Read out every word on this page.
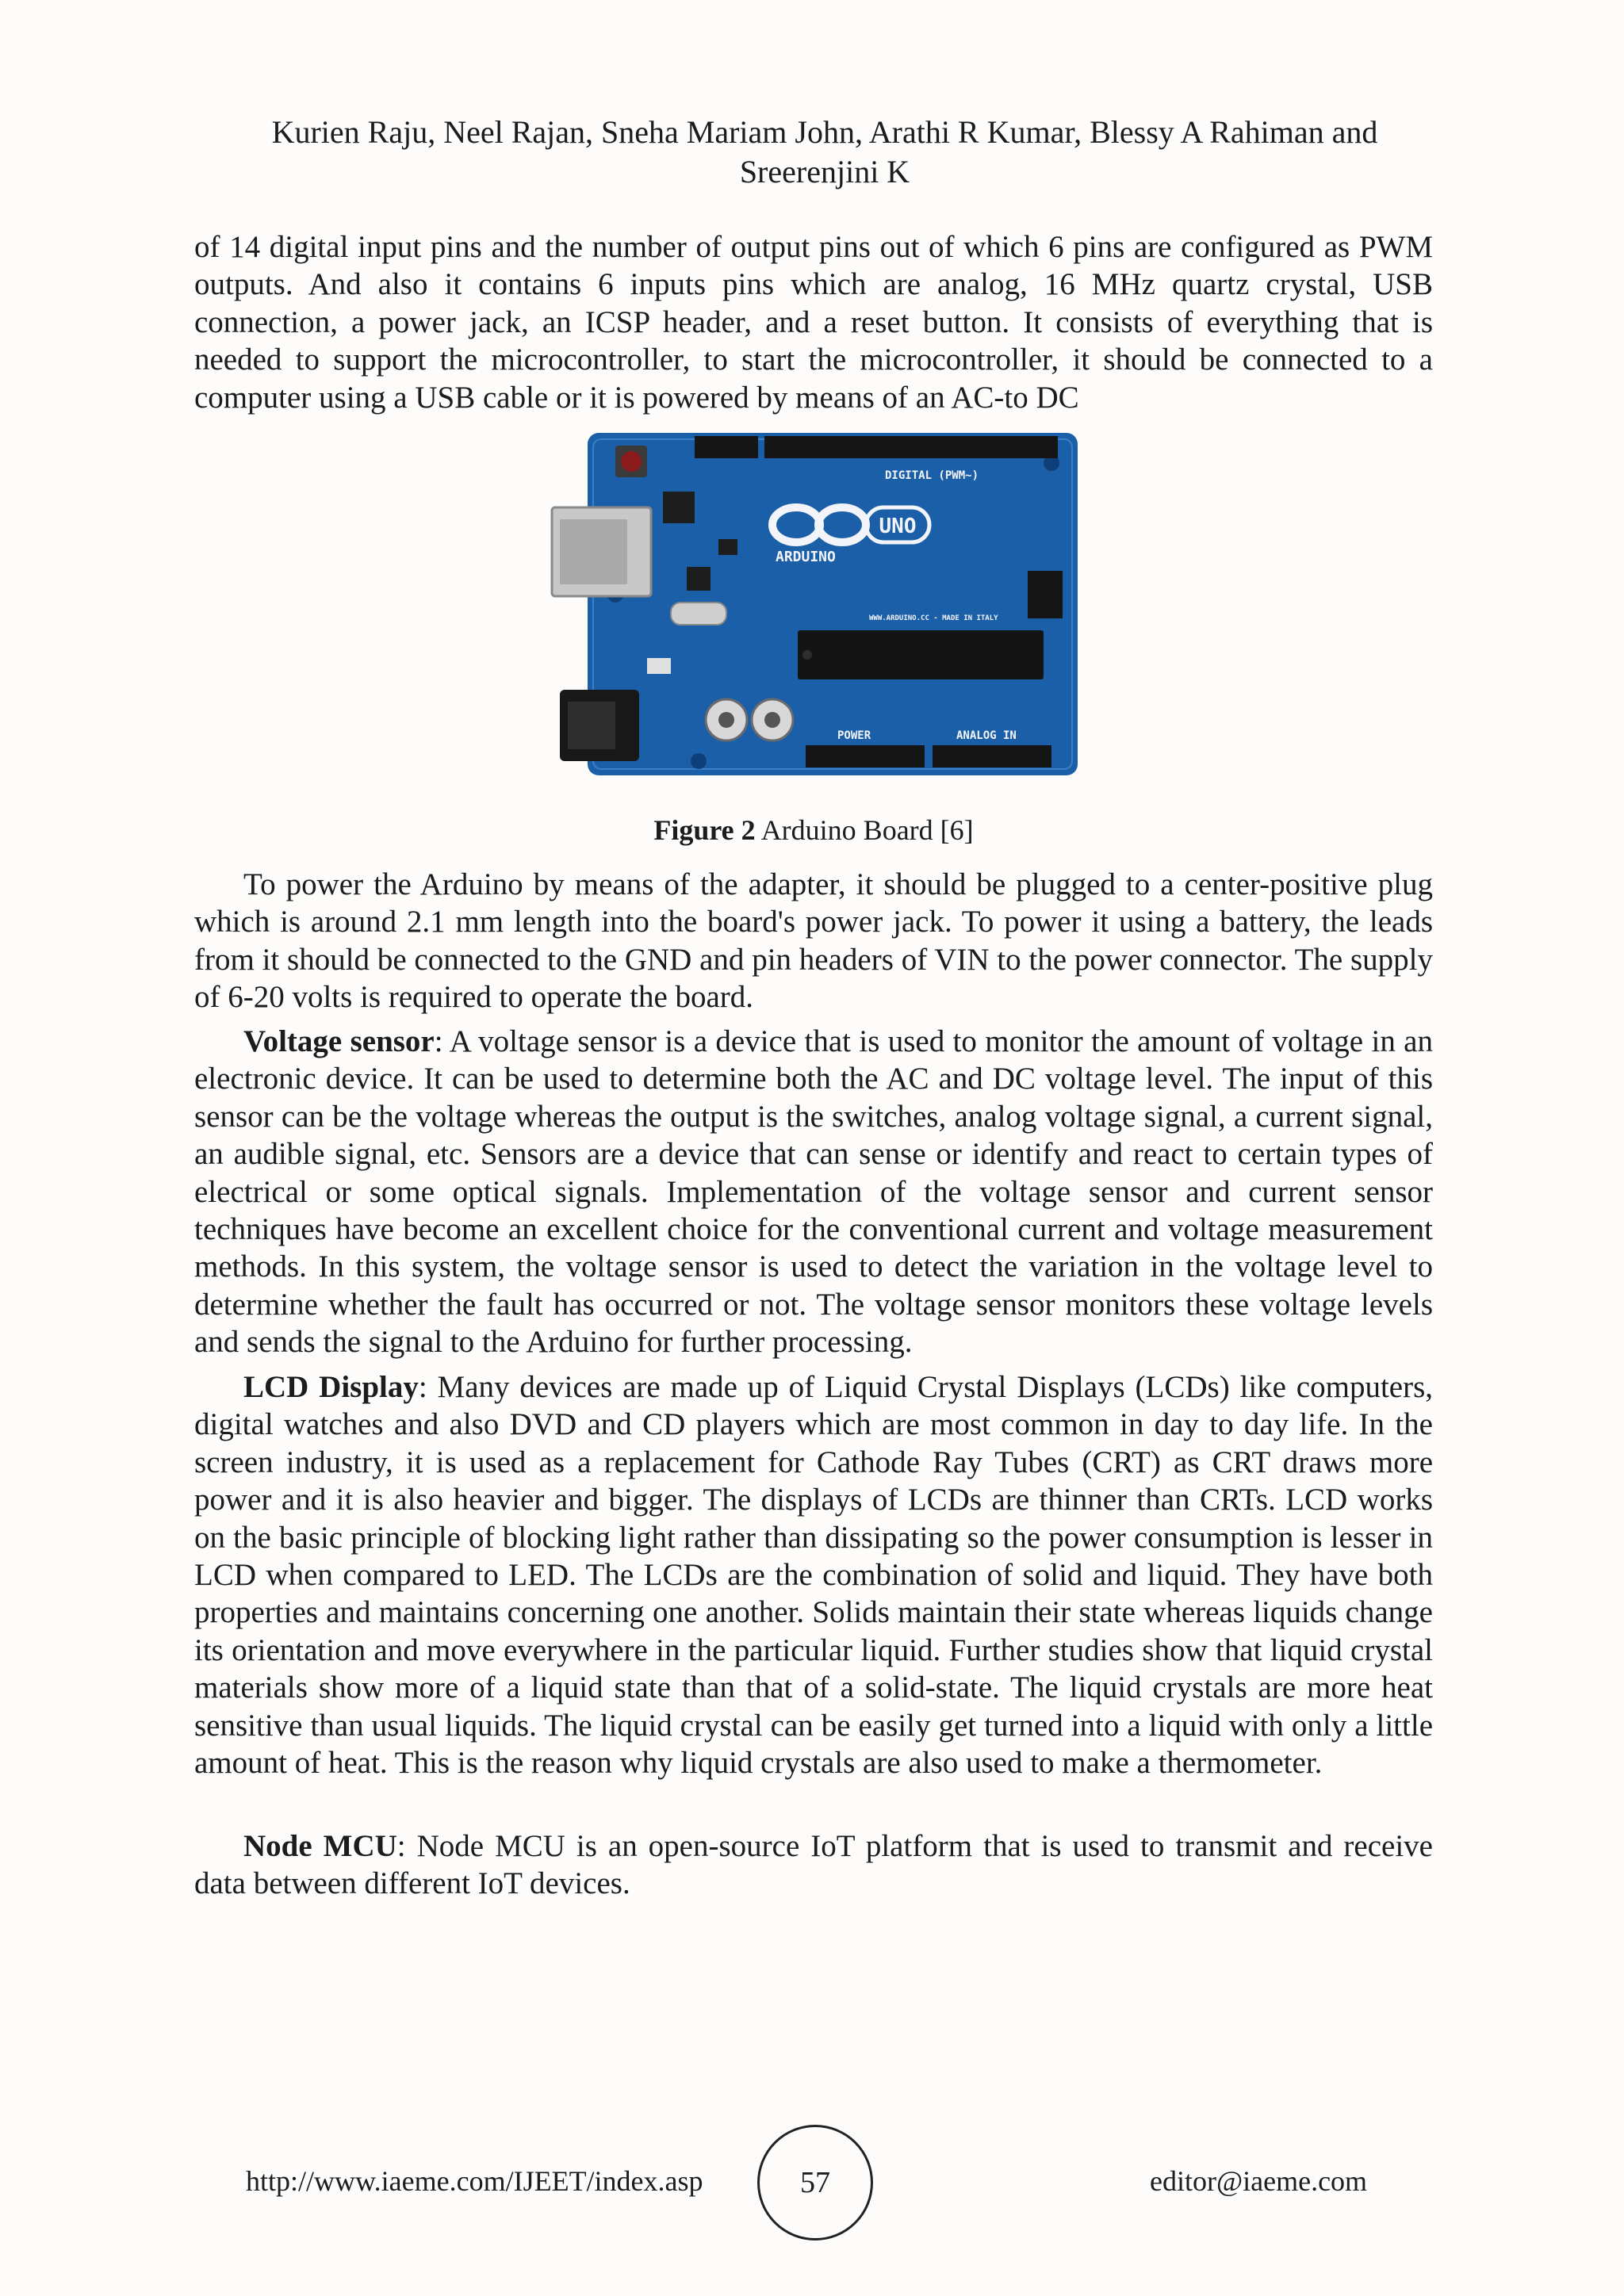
Kurien Raju, Neel Rajan, Sneha Mariam John, Arathi R Kumar, Blessy A Rahiman and Sreerenjini K

of 14 digital input pins and the number of output pins out of which 6 pins are configured as PWM outputs. And also it contains 6 inputs pins which are analog, 16 MHz quartz crystal, USB connection, a power jack, an ICSP header, and a reset button. It consists of everything that is needed to support the microcontroller, to start the microcontroller, it should be connected to a computer using a USB cable or it is powered by means of an AC-to DC

UNO
ARDUINO
DIGITAL (PWM~)
WWW.ARDUINO.CC - MADE IN ITALY
POWER	ANALOG IN
Figure 2 Arduino Board [6]

To power the Arduino by means of the adapter, it should be plugged to a center-positive plug which is around 2.1 mm length into the board's power jack. To power it using a battery, the leads from it should be connected to the GND and pin headers of VIN to the power connector. The supply of 6-20 volts is required to operate the board.

Voltage sensor: A voltage sensor is a device that is used to monitor the amount of voltage in an electronic device. It can be used to determine both the AC and DC voltage level. The input of this sensor can be the voltage whereas the output is the switches, analog voltage signal, a current signal, an audible signal, etc. Sensors are a device that can sense or identify and react to certain types of electrical or some optical signals. Implementation of the voltage sensor and current sensor techniques have become an excellent choice for the conventional current and voltage measurement methods. In this system, the voltage sensor is used to detect the variation in the voltage level to determine whether the fault has occurred or not. The voltage sensor monitors these voltage levels and sends the signal to the Arduino for further processing.

LCD Display: Many devices are made up of Liquid Crystal Displays (LCDs) like computers, digital watches and also DVD and CD players which are most common in day to day life. In the screen industry, it is used as a replacement for Cathode Ray Tubes (CRT) as CRT draws more power and it is also heavier and bigger. The displays of LCDs are thinner than CRTs. LCD works on the basic principle of blocking light rather than dissipating so the power consumption is lesser in LCD when compared to LED. The LCDs are the combination of solid and liquid. They have both properties and maintains concerning one another. Solids maintain their state whereas liquids change its orientation and move everywhere in the particular liquid. Further studies show that liquid crystal materials show more of a liquid state than that of a solid-state. The liquid crystals are more heat sensitive than usual liquids. The liquid crystal can be easily get turned into a liquid with only a little amount of heat. This is the reason why liquid crystals are also used to make a thermometer.

Node MCU: Node MCU is an open-source IoT platform that is used to transmit and receive data between different IoT devices.

http://www.iaeme.com/IJEET/index.asp	57	editor@iaeme.com
